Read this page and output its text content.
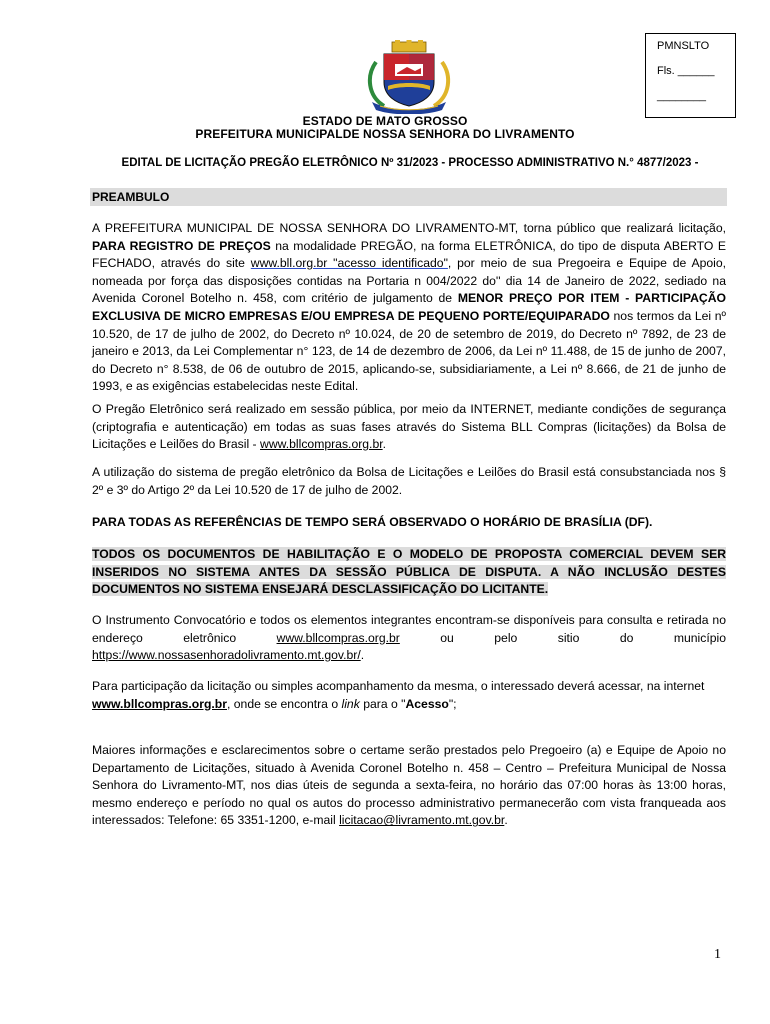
PMNSLTO
Fls. ______
________
ESTADO DE MATO GROSSO
PREFEITURA MUNICIPALDE NOSSA SENHORA DO LIVRAMENTO
EDITAL DE LICITAÇÃO PREGÃO ELETRÔNICO Nº 31/2023 - PROCESSO ADMINISTRATIVO N.° 4877/2023 -
PREAMBULO

A PREFEITURA MUNICIPAL DE NOSSA SENHORA DO LIVRAMENTO-MT, torna público que realizará licitação, PARA REGISTRO DE PREÇOS na modalidade PREGÃO, na forma ELETRÔNICA, do tipo de disputa ABERTO E FECHADO, através do site www.bll.org.br "acesso identificado", por meio de sua Pregoeira e Equipe de Apoio, nomeada por força das disposições contidas na Portaria n 004/2022 do'' dia 14 de Janeiro de 2022, sediado na Avenida Coronel Botelho n. 458, com critério de julgamento de MENOR PREÇO POR ITEM - PARTICIPAÇÃO EXCLUSIVA DE MICRO EMPRESAS E/OU EMPRESA DE PEQUENO PORTE/EQUIPARADO nos termos da Lei nº 10.520, de 17 de julho de 2002, do Decreto nº 10.024, de 20 de setembro de 2019, do Decreto nº 7892, de 23 de janeiro e 2013, da Lei Complementar n° 123, de 14 de dezembro de 2006, da Lei nº 11.488, de 15 de junho de 2007, do Decreto n° 8.538, de 06 de outubro de 2015, aplicando-se, subsidiariamente, a Lei nº 8.666, de 21 de junho de 1993, e as exigências estabelecidas neste Edital.

O Pregão Eletrônico será realizado em sessão pública, por meio da INTERNET, mediante condições de segurança (criptografia e autenticação) em todas as suas fases através do Sistema BLL Compras (licitações) da Bolsa de Licitações e Leilões do Brasil - www.bllcompras.org.br.

A utilização do sistema de pregão eletrônico da Bolsa de Licitações e Leilões do Brasil está consubstanciada nos § 2º e 3º do Artigo 2º da Lei 10.520 de 17 de julho de 2002.

PARA TODAS AS REFERÊNCIAS DE TEMPO SERÁ OBSERVADO O HORÁRIO DE BRASÍLIA (DF).

TODOS OS DOCUMENTOS DE HABILITAÇÃO E O MODELO DE PROPOSTA COMERCIAL DEVEM SER INSERIDOS NO SISTEMA ANTES DA SESSÃO PÚBLICA DE DISPUTA. A NÃO INCLUSÃO DESTES DOCUMENTOS NO SISTEMA ENSEJARÁ DESCLASSIFICAÇÃO DO LICITANTE.

O Instrumento Convocatório e todos os elementos integrantes encontram-se disponíveis para consulta e retirada no endereço eletrônico www.bllcompras.org.br ou pelo sitio do município https://www.nossasenhoradolivramento.mt.gov.br/.

Para participação da licitação ou simples acompanhamento da mesma, o interessado deverá acessar, na internet www.bllcompras.org.br, onde se encontra o link para o "Acesso";

Maiores informações e esclarecimentos sobre o certame serão prestados pelo Pregoeiro (a) e Equipe de Apoio no Departamento de Licitações, situado à Avenida Coronel Botelho n. 458 – Centro – Prefeitura Municipal de Nossa Senhora do Livramento-MT, nos dias úteis de segunda a sexta-feira, no horário das 07:00 horas às 13:00 horas, mesmo endereço e período no qual os autos do processo administrativo permanecerão com vista franqueada aos interessados: Telefone: 65 3351-1200, e-mail licitacao@livramento.mt.gov.br.

1
